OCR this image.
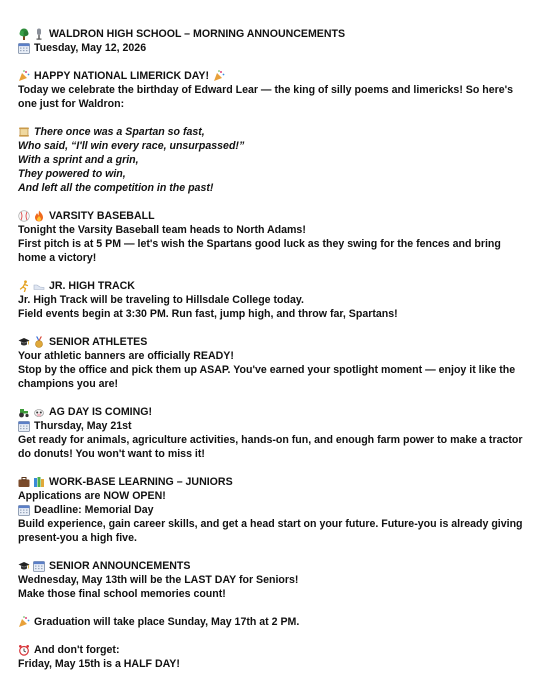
WALDRON HIGH SCHOOL – MORNING ANNOUNCEMENTS
Tuesday, May 12, 2026
HAPPY NATIONAL LIMERICK DAY!
Today we celebrate the birthday of Edward Lear — the king of silly poems and limericks! So here's one just for Waldron:
There once was a Spartan so fast,
Who said, “I'll win every race, unsurpassed!”
With a sprint and a grin,
They powered to win,
And left all the competition in the past!
VARSITY BASEBALL
Tonight the Varsity Baseball team heads to North Adams!
First pitch is at 5 PM — let's wish the Spartans good luck as they swing for the fences and bring home a victory!
JR. HIGH TRACK
Jr. High Track will be traveling to Hillsdale College today.
Field events begin at 3:30 PM. Run fast, jump high, and throw far, Spartans!
SENIOR ATHLETES
Your athletic banners are officially READY!
Stop by the office and pick them up ASAP. You've earned your spotlight moment — enjoy it like the champions you are!
AG DAY IS COMING!
Thursday, May 21st
Get ready for animals, agriculture activities, hands-on fun, and enough farm power to make a tractor do donuts! You won't want to miss it!
WORK-BASE LEARNING – JUNIORS
Applications are NOW OPEN!
Deadline: Memorial Day
Build experience, gain career skills, and get a head start on your future. Future-you is already giving present-you a high five.
SENIOR ANNOUNCEMENTS
Wednesday, May 13th will be the LAST DAY for Seniors!
Make those final school memories count!
Graduation will take place Sunday, May 17th at 2 PM.
And don't forget:
Friday, May 15th is a HALF DAY!
